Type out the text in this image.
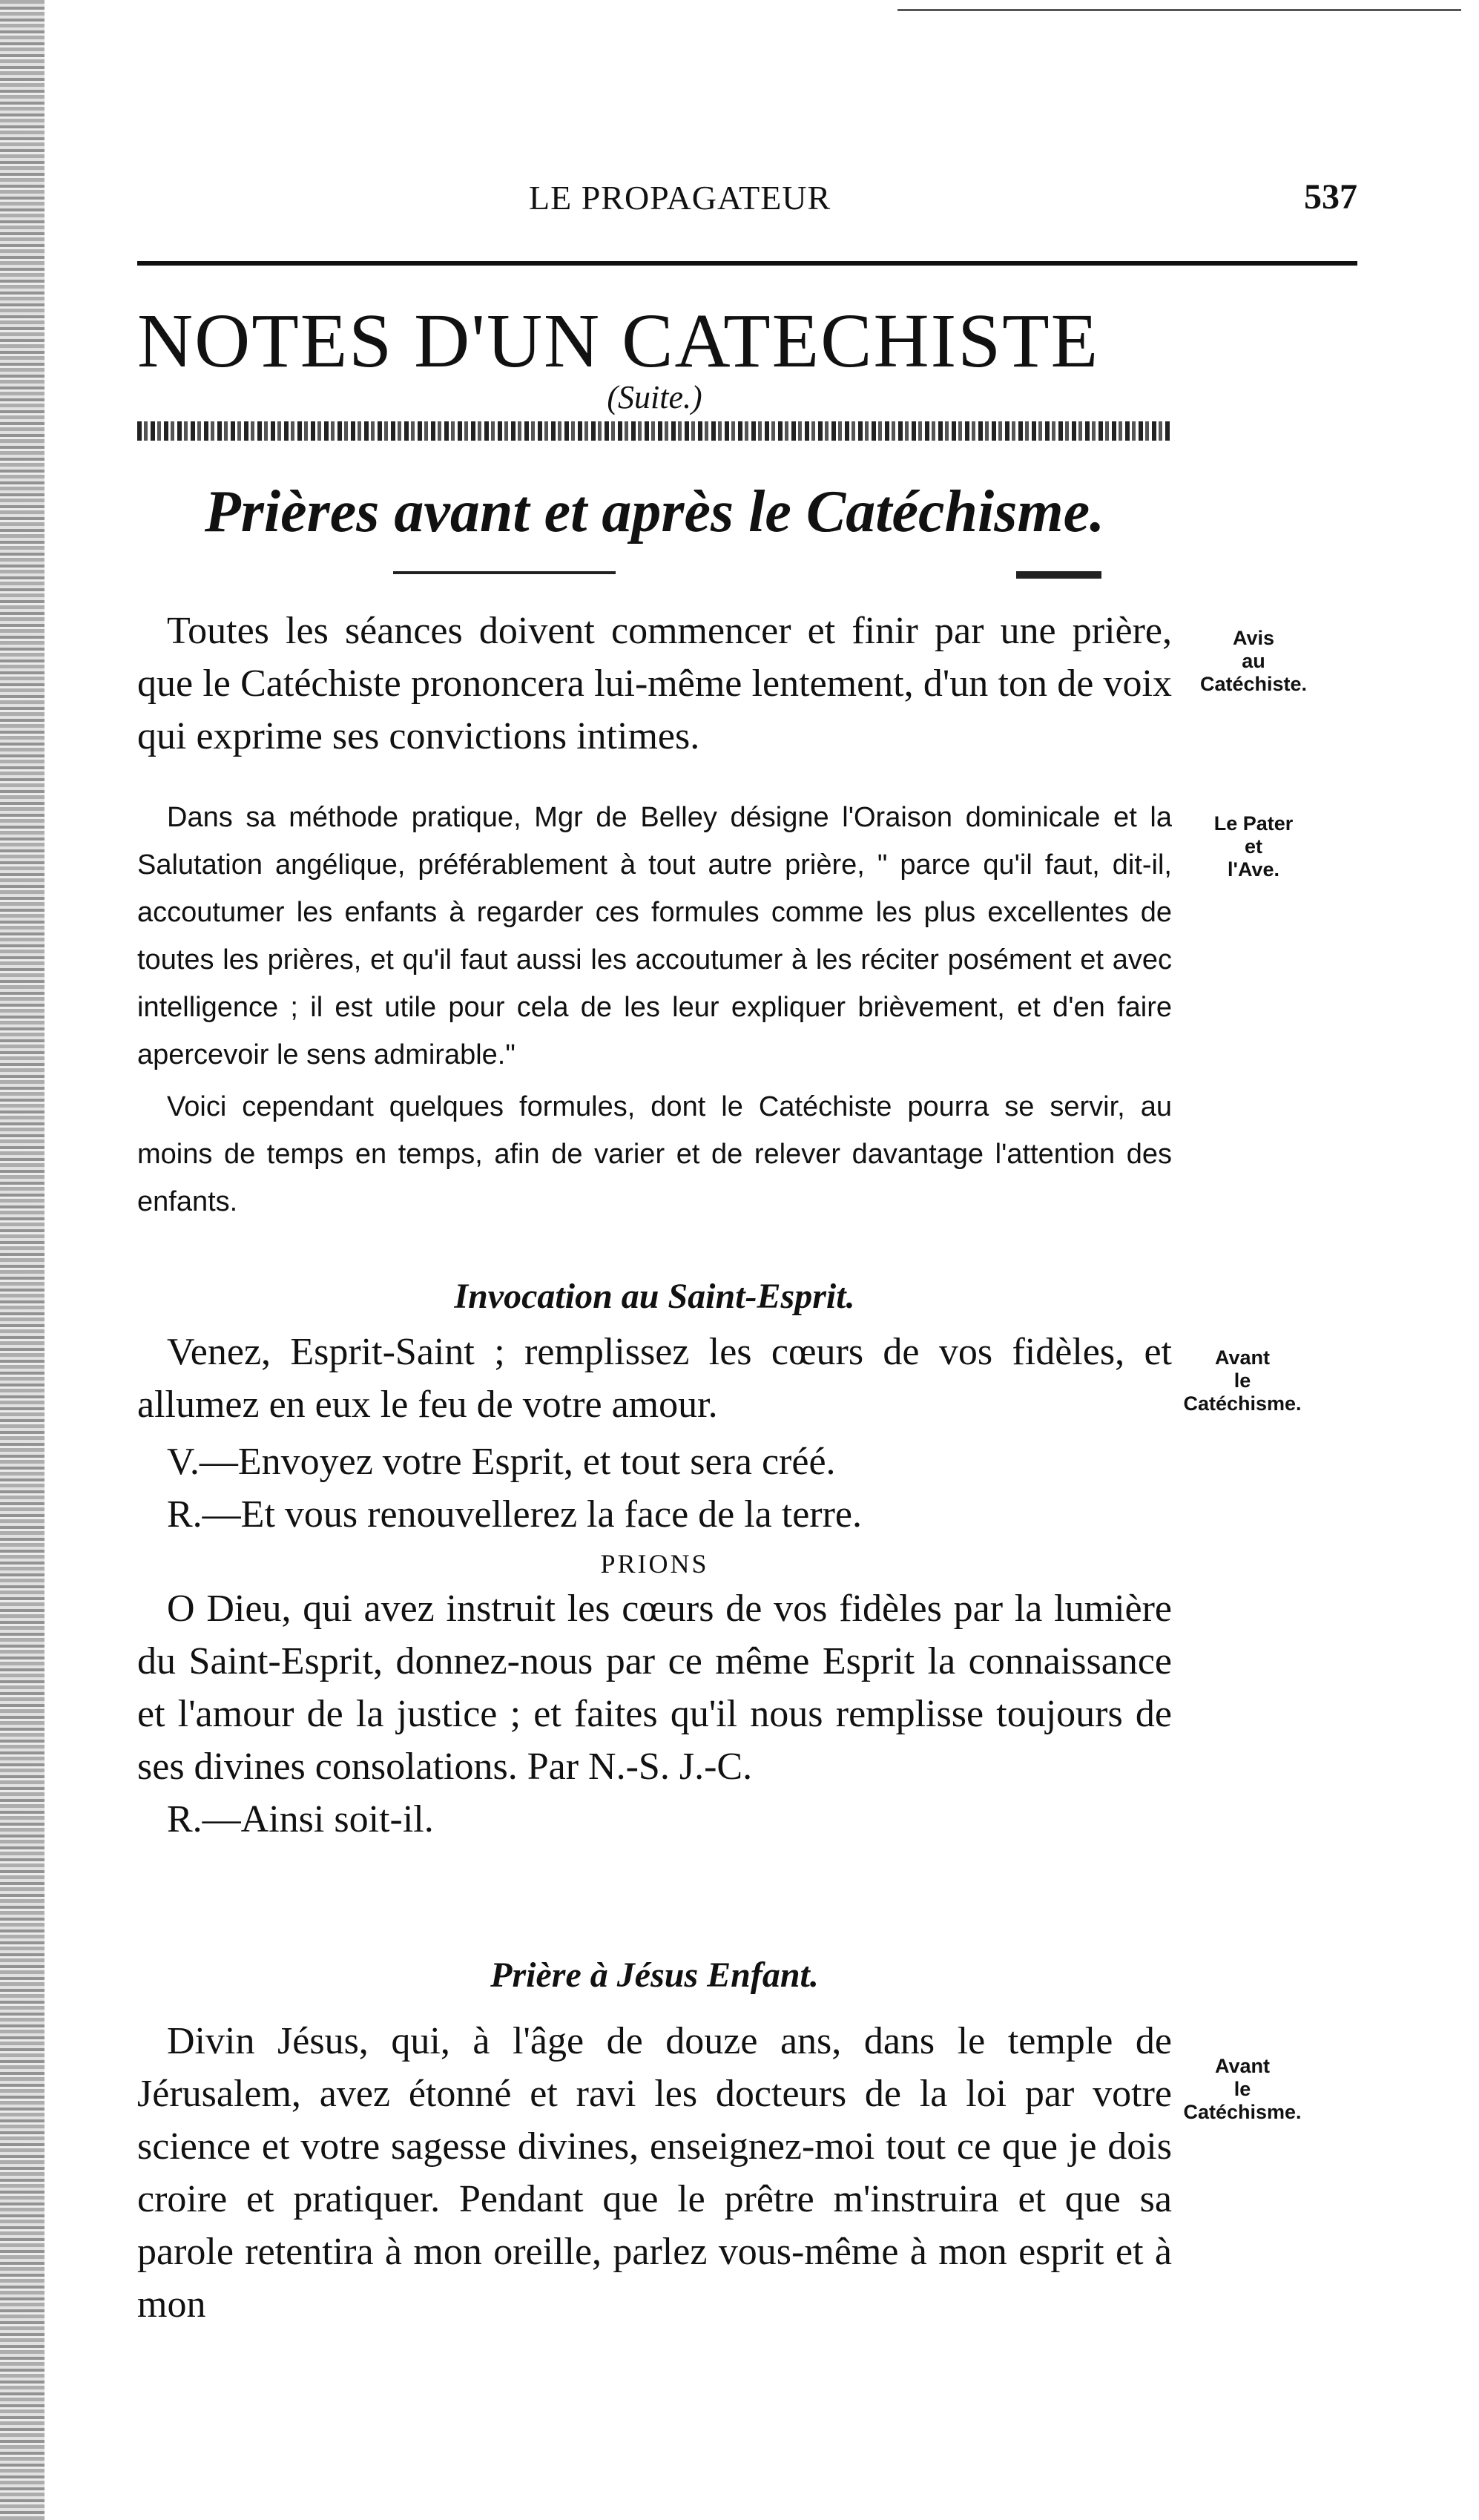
LE PROPAGATEUR	537
NOTES D'UN CATECHISTE
(Suite.)
Prières avant et après le Catéchisme.

Toutes les séances doivent commencer et finir par une prière, que le Catéchiste prononcera lui-même lentement, d'un ton de voix qui exprime ses convictions intimes.

Avis
au
Catéchiste.

Dans sa méthode pratique, Mgr de Belley désigne l'Oraison dominicale et la Salutation angélique, préférablement à tout autre prière, " parce qu'il faut, dit-il, accoutumer les enfants à regarder ces formules comme les plus excellentes de toutes les prières, et qu'il faut aussi les accoutumer à les réciter posément et avec intelligence ; il est utile pour cela de les leur expliquer brièvement, et d'en faire apercevoir le sens admirable."

Voici cependant quelques formules, dont le Catéchiste pourra se servir, au moins de temps en temps, afin de varier et de relever davantage l'attention des enfants.

Le Pater
et
l'Ave.
Invocation au Saint-Esprit.

Venez, Esprit-Saint ; remplissez les cœurs de vos fidèles, et allumez en eux le feu de votre amour.

V.—Envoyez votre Esprit, et tout sera créé.

R.—Et vous renouvellerez la face de la terre.

PRIONS

O Dieu, qui avez instruit les cœurs de vos fidèles par la lumière du Saint-Esprit, donnez-nous par ce même Esprit la connaissance et l'amour de la justice ; et faites qu'il nous remplisse toujours de ses divines consolations. Par N.-S. J.-C.

R.—Ainsi soit-il.

Avant
le
Catéchisme.
Prière à Jésus Enfant.

Divin Jésus, qui, à l'âge de douze ans, dans le temple de Jérusalem, avez étonné et ravi les docteurs de la loi par votre science et votre sagesse divines, enseignez-moi tout ce que je dois croire et pratiquer. Pendant que le prêtre m'instruira et que sa parole retentira à mon oreille, parlez vous-même à mon esprit et à mon

Avant
le
Catéchisme.
